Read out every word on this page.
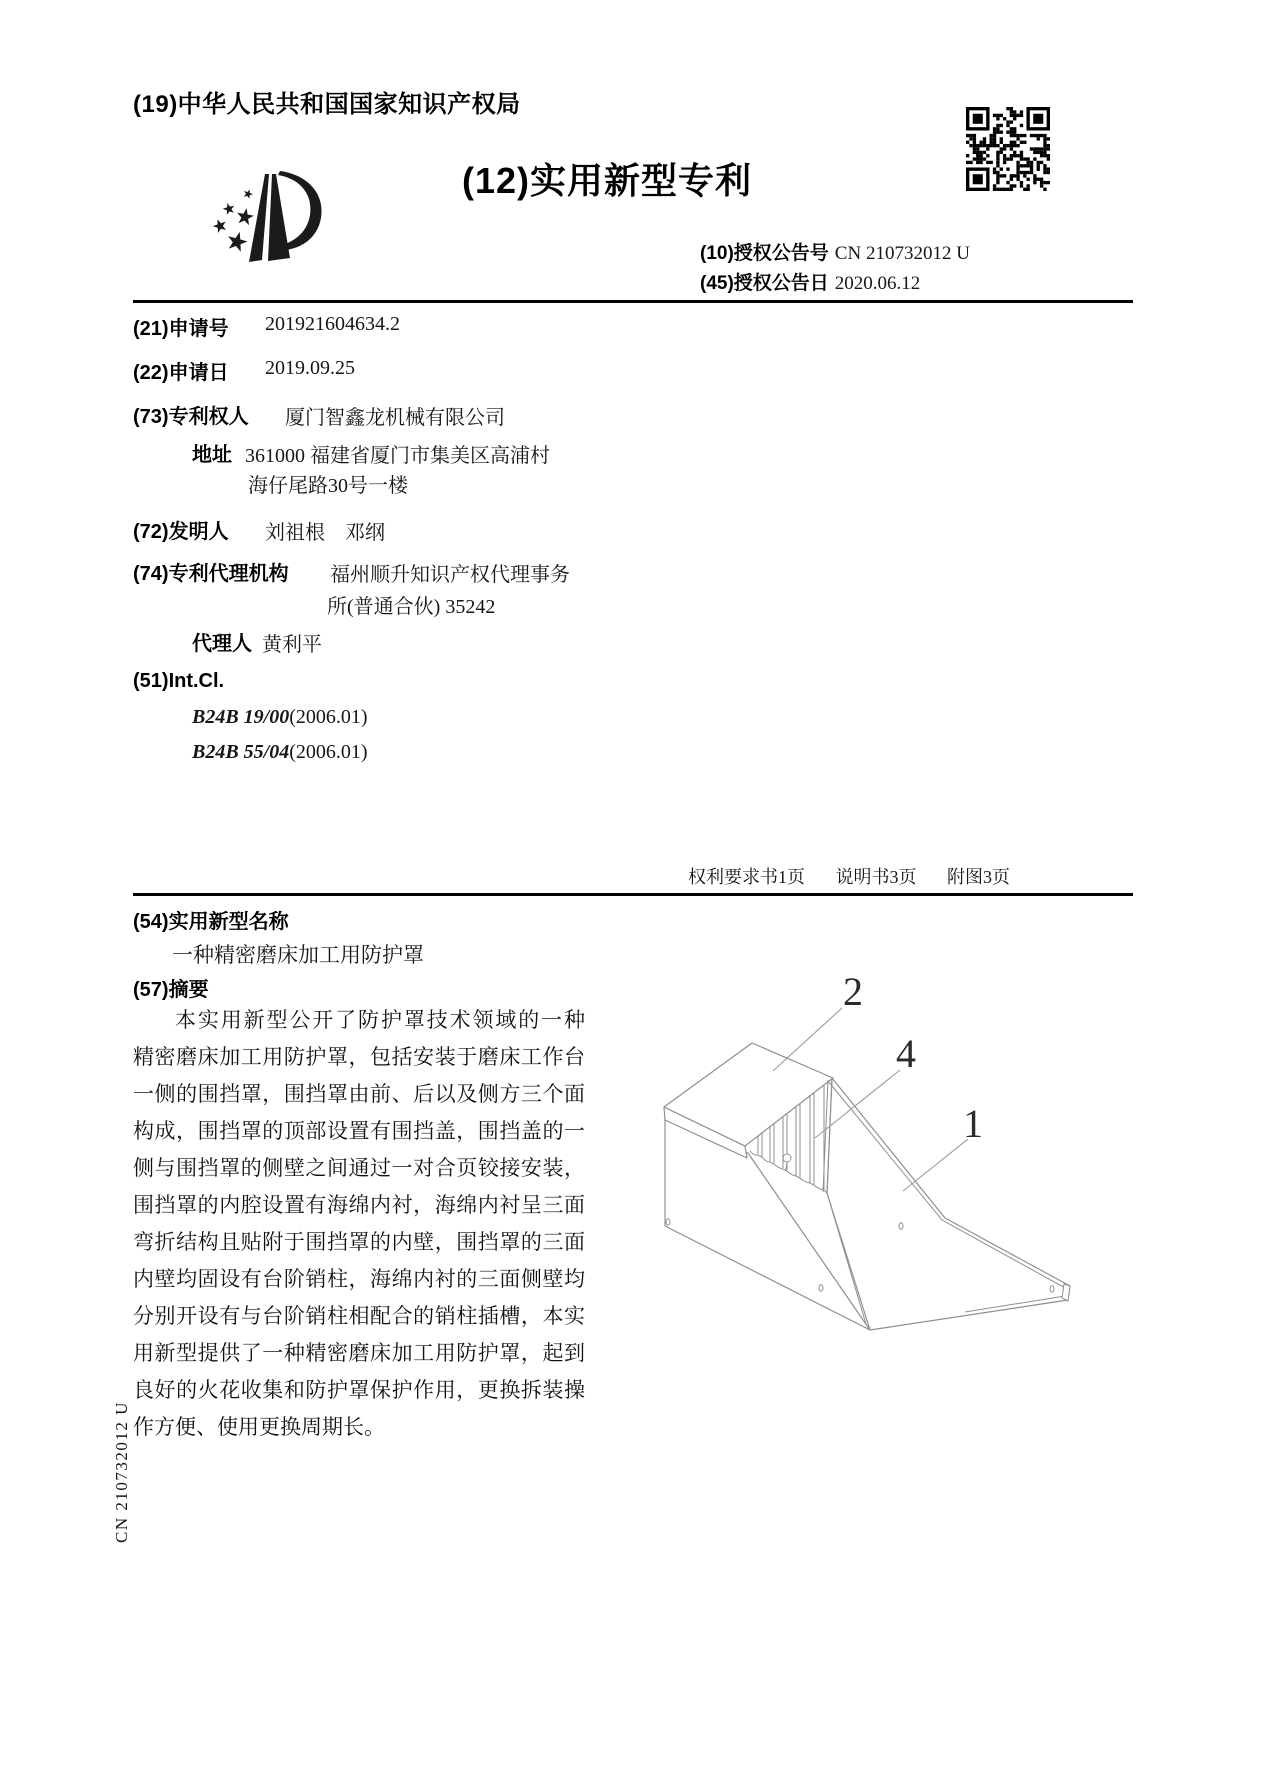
(19)中华人民共和国国家知识产权局
(12)实用新型专利
(10)授权公告号 CN 210732012 U
(45)授权公告日 2020.06.12
(21)申请号 201921604634.2
(22)申请日 2019.09.25
(73)专利权人 厦门智鑫龙机械有限公司
地址 361000 福建省厦门市集美区高浦村
海仔尾路30号一楼
(72)发明人 刘祖根　邓纲
(74)专利代理机构 福州顺升知识产权代理事务
所(普通合伙) 35242
代理人 黄利平
(51)Int.Cl.
B24B 19/00(2006.01)
B24B 55/04(2006.01)
权利要求书1页 说明书3页 附图3页
(54)实用新型名称
一种精密磨床加工用防护罩
(57)摘要
本实用新型公开了防护罩技术领域的一种
精密磨床加工用防护罩，包括安装于磨床工作台
一侧的围挡罩，围挡罩由前、后以及侧方三个面
构成，围挡罩的顶部设置有围挡盖，围挡盖的一
侧与围挡罩的侧壁之间通过一对合页铰接安装，
围挡罩的内腔设置有海绵内衬，海绵内衬呈三面
弯折结构且贴附于围挡罩的内壁，围挡罩的三面
内壁均固设有台阶销柱，海绵内衬的三面侧壁均
分别开设有与台阶销柱相配合的销柱插槽，本实
用新型提供了一种精密磨床加工用防护罩，起到
良好的火花收集和防护罩保护作用，更换拆装操
作方便、使用更换周期长。
2
4
1
CN 210732012 U
